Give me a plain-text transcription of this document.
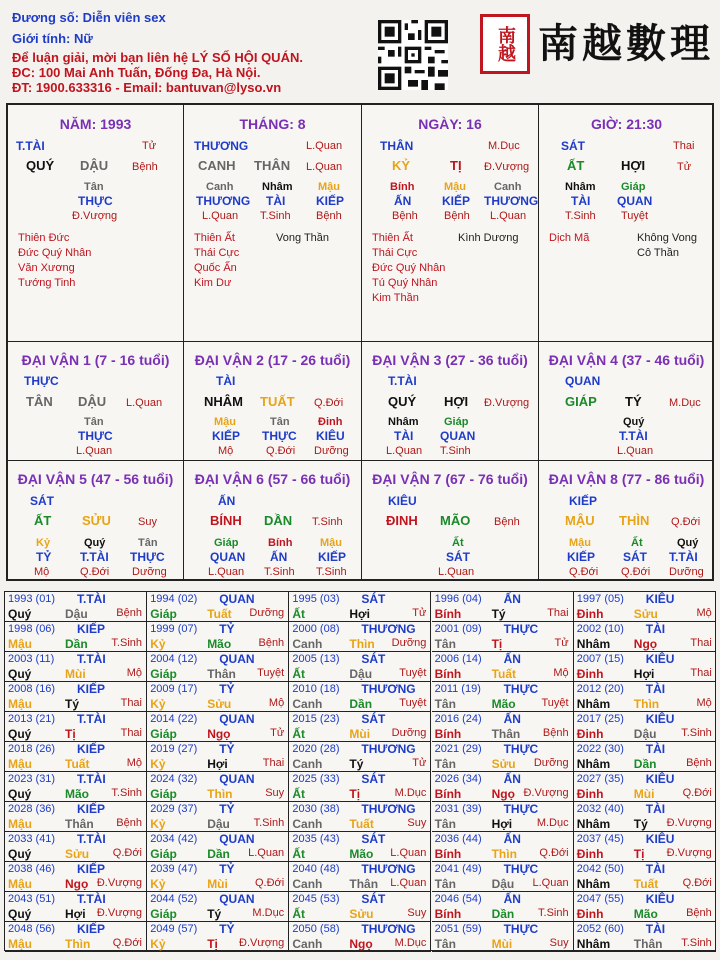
Đương số: Diễn viên sex
Giới tính: Nữ
Để luận giải, mời bạn liên hệ LÝ SỐ HỘI QUÁN.
ĐC: 100 Mai Anh Tuấn, Đống Đa, Hà Nội.
ĐT: 1900.633316 - Email: bantuvan@lyso.vn
南越 南越數理
NĂM: 1993
T.TÀI	Tử
QUÝ DẬU Bệnh
Tân
THỰC
Đ.Vượng
Thiên Đức
Đức Quý Nhân
Văn Xương
Tướng Tinh
THÁNG: 8
THƯƠNG	L.Quan
CANH THÂN L.Quan
Canh	Nhâm Mậu
THƯƠNG TÀI	KIẾP
L.Quan T.Sinh Bệnh
Thiên Ất
Thái Cực
Quốc Ấn
Kim Dư
Vong Thần
NGÀY: 16
THÂN	M.Dục
KỶ	TỊ Đ.Vượng
Bính	Mậu	Canh
ẤN	KIẾP THƯƠNG
Bệnh Bệnh L.Quan
Thiên Ất
Thái Cực
Đức Quý Nhân
Tú Quý Nhân
Kim Thần
Kình Dương
GIỜ: 21:30
SÁT	Thai
ẤT	HỢI	Tử
Nhâm Giáp
TÀI QUAN
T.Sinh Tuyệt
Dịch Mã	Không Vong
Cô Thần
ĐẠI VẬN 1 (7 - 16 tuổi)
THỰC
TÂN DẬU L.Quan
Tân
THỰC
L.Quan
ĐẠI VẬN 2 (17 - 26 tuổi)
TÀI
NHÂM TUẤT Q.Đới
Mậu	Tân	Đinh
KIẾP THỰC KIÊU
Mộ	Q.Đới Dưỡng
ĐẠI VẬN 3 (27 - 36 tuổi)
T.TÀI
QUÝ HỢI Đ.Vượng
Nhâm Giáp
TÀI QUAN
L.Quan T.Sinh
ĐẠI VẬN 4 (37 - 46 tuổi)
QUAN
GIÁP TÝ M.Dục
Quý
T.TÀI
L.Quan
ĐẠI VẬN 5 (47 - 56 tuổi)
SÁT
ẤT SỬU Suy
Kỷ	Quý	Tân
TỶ T.TÀI THỰC
Mộ	Q.Đới Dưỡng
ĐẠI VẬN 6 (57 - 66 tuổi)
ẤN
BÍNH DẦN T.Sinh
Giáp	Bính	Mậu
QUAN ẤN	KIẾP
L.Quan T.Sinh T.Sinh
ĐẠI VẬN 7 (67 - 76 tuổi)
KIÊU
ĐINH MÃO Bệnh
Ất
SÁT
L.Quan
ĐẠI VẬN 8 (77 - 86 tuổi)
KIẾP
MẬU THÌN Q.Đới
Mậu	Ất	Quý
KIẾP SÁT T.TÀI
Q.Đới Q.Đới Dưỡng
1993 (01) T.TÀI
Quý	Dậu	Bệnh
1994 (02) QUAN
Giáp	Tuất Dưỡng
1995 (03) SÁT
Ất	Hợi	Tử
1996 (04) ẤN
Bính	Tý	Thai
1997 (05) KIÊU
Đinh	Sửu	Mộ
1998 (06) KIẾP
Mậu	Dần T.Sinh
1999 (07) TỶ
Kỷ	Mão Bệnh
2000 (08) THƯƠNG
Canh Thìn Dưỡng
2001 (09) THỰC
Tân	Tị	Tử
2002 (10) TÀI
Nhâm Ngọ	Thai
2003 (11) T.TÀI
Quý	Mùi	Mộ
2004 (12) QUAN
Giáp	Thân Tuyệt
2005 (13) SÁT
Ất	Dậu Tuyệt
2006 (14) ẤN
Bính	Tuất	Mộ
2007 (15) KIÊU
Đinh	Hợi	Thai
2008 (16) KIẾP
Mậu	Tý	Thai
2009 (17) TỶ
Kỷ	Sửu	Mộ
2010 (18) THƯƠNG
Canh Dần Tuyệt
2011 (19) THỰC
Tân	Mão Tuyệt
2012 (20) TÀI
Nhâm Thìn	Mộ
2013 (21) T.TÀI
Quý	Tị	Thai
2014 (22) QUAN
Giáp	Ngọ	Tử
2015 (23) SÁT
Ất	Mùi Dưỡng
2016 (24) ẤN
Bính	Thân Bệnh
2017 (25) KIÊU
Đinh	Dậu T.Sinh
2018 (26) KIẾP
Mậu	Tuất	Mộ
2019 (27) TỶ
Kỷ	Hợi	Thai
2020 (28) THƯƠNG
Canh Tý	Tử
2021 (29) THỰC
Tân	Sửu Dưỡng
2022 (30) TÀI
Nhâm Dần	Bệnh
2023 (31) T.TÀI
Quý	Mão T.Sinh
2024 (32) QUAN
Giáp	Thìn	Suy
2025 (33) SÁT
Ất	Tị	M.Dục
2026 (34) ẤN
Bính	Ngọ Đ.Vượng
2027 (35) KIÊU
Đinh	Mùi	Q.Đới
2028 (36) KIẾP
Mậu	Thân Bệnh
2029 (37) TỶ
Kỷ	Dậu T.Sinh
2030 (38) THƯƠNG
Canh Tuất	Suy
2031 (39) THỰC
Tân	Hợi M.Dục
2032 (40) TÀI
Nhâm Tý Đ.Vượng
2033 (41) T.TÀI
Quý	Sửu Q.Đới
2034 (42) QUAN
Giáp	Dần L.Quan
2035 (43) SÁT
Ất	Mão L.Quan
2036 (44) ẤN
Bính	Thìn Q.Đới
2037 (45) KIÊU
Đinh	Tị Đ.Vượng
2038 (46) KIẾP
Mậu	Ngọ Đ.Vượng
2039 (47) TỶ
Kỷ	Mùi Q.Đới
2040 (48) THƯƠNG
Canh Thân L.Quan
2041 (49) THỰC
Tân	Dậu L.Quan
2042 (50) TÀI
Nhâm Tuất Q.Đới
2043 (51) T.TÀI
Quý	Hợi Đ.Vượng
2044 (52) QUAN
Giáp	Tý	M.Dục
2045 (53) SÁT
Ất	Sửu	Suy
2046 (54) ẤN
Bính	Dần T.Sinh
2047 (55) KIÊU
Đinh	Mão	Bệnh
2048 (56) KIẾP
Mậu	Thìn Q.Đới
2049 (57) TỶ
Kỷ	Tị Đ.Vượng
2050 (58) THƯƠNG
Canh Ngọ M.Dục
2051 (59) THỰC
Tân	Mùi	Suy
2052 (60) TÀI
Nhâm Thân T.Sinh
